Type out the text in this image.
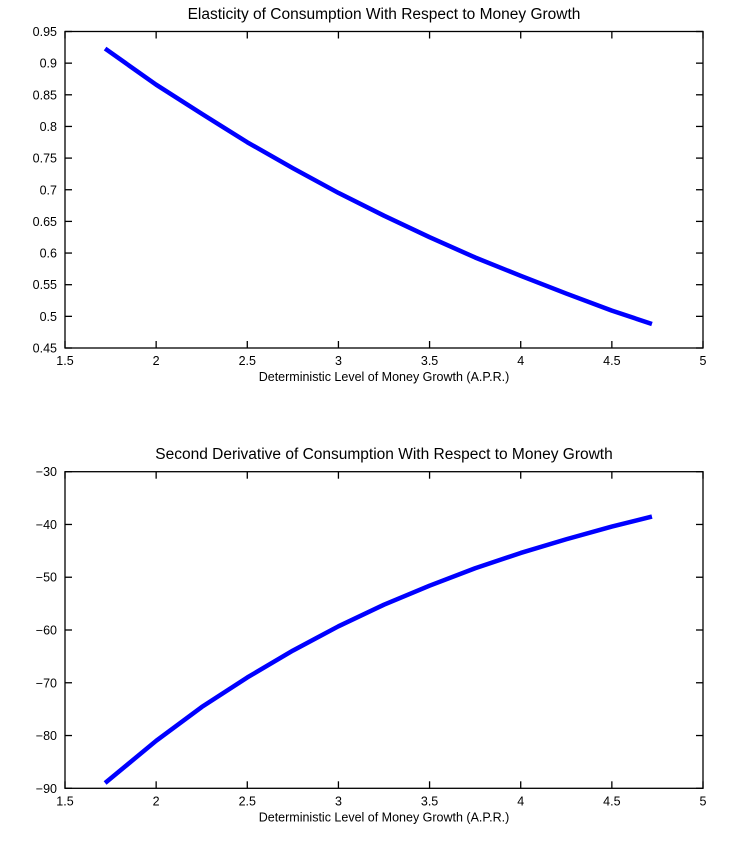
Elasticity of Consumption With Respect to Money Growth
1.5	2	2.5	3	3.5	4	4.5	5
0.45
0.5
0.55
0.6
0.65
0.7
0.75
0.8
0.85
0.9
0.95
Deterministic Level of Money Growth (A.P.R.)
Second Derivative of Consumption With Respect to Money Growth
1.5	2	2.5	3	3.5	4	4.5	5
−90
−80
−70
−60
−50
−40
−30
Deterministic Level of Money Growth (A.P.R.)
